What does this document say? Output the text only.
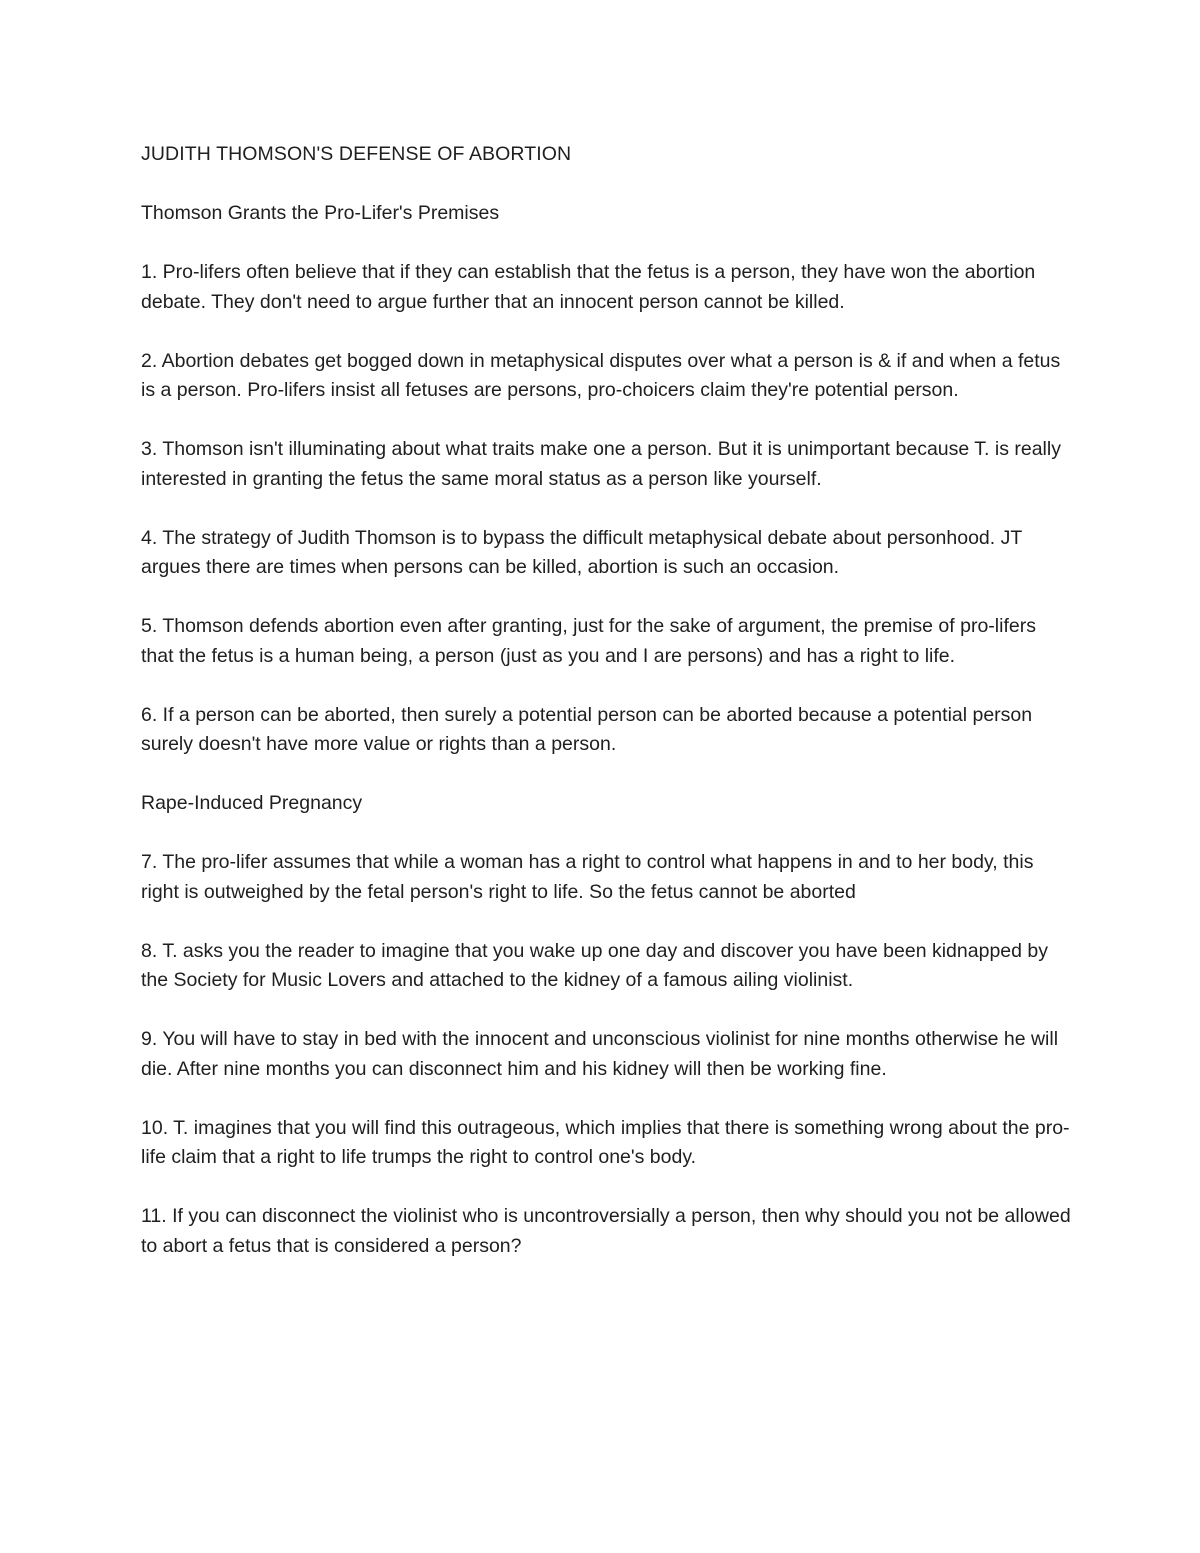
JUDITH THOMSON'S DEFENSE OF ABORTION

Thomson Grants the Pro-Lifer's Premises

1. Pro-lifers often believe that if they can establish that the fetus is a person, they have won the abortion debate. They don't need to argue further that an innocent person cannot be killed.

2. Abortion debates get bogged down in metaphysical disputes over what a person is & if and when a fetus is a person. Pro-lifers insist all fetuses are persons, pro-choicers claim they're potential person.

3. Thomson isn't illuminating about what traits make one a person. But it is unimportant because T. is really interested in granting the fetus the same moral status as a person like yourself.

4. The strategy of Judith Thomson is to bypass the difficult metaphysical debate about personhood. JT argues there are times when persons can be killed, abortion is such an occasion.

5. Thomson defends abortion even after granting, just for the sake of argument, the premise of pro-lifers that the fetus is a human being, a person (just as you and I are persons) and has a right to life.

6. If a person can be aborted, then surely a potential person can be aborted because a potential person surely doesn't have more value or rights than a person.

Rape-Induced Pregnancy

7. The pro-lifer assumes that while a woman has a right to control what happens in and to her body, this right is outweighed by the fetal person's right to life. So the fetus cannot be aborted

8. T. asks you the reader to imagine that you wake up one day and discover you have been kidnapped by the Society for Music Lovers and attached to the kidney of a famous ailing violinist.

9. You will have to stay in bed with the innocent and unconscious violinist for nine months otherwise he will die. After nine months you can disconnect him and his kidney will then be working fine.

10. T. imagines that you will find this outrageous, which implies that there is something wrong about the pro-life claim that a right to life trumps the right to control one's body.

11. If you can disconnect the violinist who is uncontroversially a person, then why should you not be allowed to abort a fetus that is considered a person?
